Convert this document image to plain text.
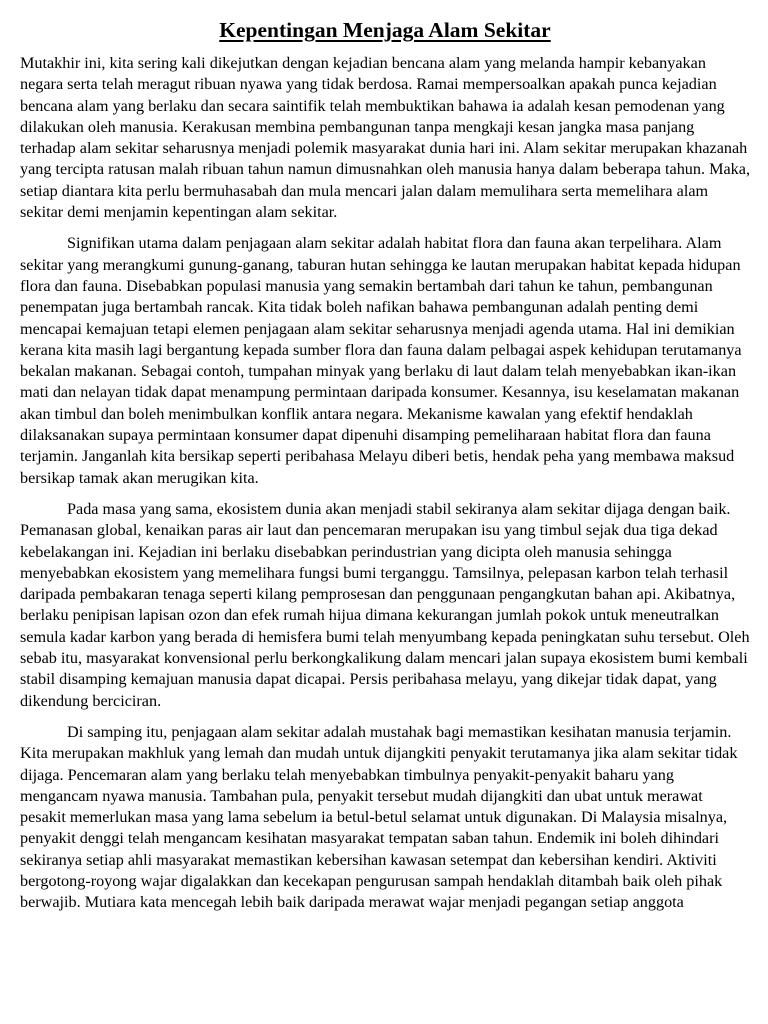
Kepentingan Menjaga Alam Sekitar

Mutakhir ini, kita sering kali dikejutkan dengan kejadian bencana alam yang melanda hampir kebanyakan negara serta telah meragut ribuan nyawa yang tidak berdosa. Ramai mempersoalkan apakah punca kejadian bencana alam yang berlaku dan secara saintifik telah membuktikan bahawa ia adalah kesan pemodenan yang dilakukan oleh manusia. Kerakusan membina pembangunan tanpa mengkaji kesan jangka masa panjang terhadap alam sekitar seharusnya menjadi polemik masyarakat dunia hari ini. Alam sekitar merupakan khazanah yang tercipta ratusan malah ribuan tahun namun dimusnahkan oleh manusia hanya dalam beberapa tahun. Maka, setiap diantara kita perlu bermuhasabah dan mula mencari jalan dalam memulihara serta memelihara alam sekitar demi menjamin kepentingan alam sekitar.

Signifikan utama dalam penjagaan alam sekitar adalah habitat flora dan fauna akan terpelihara. Alam sekitar yang merangkumi gunung-ganang, taburan hutan sehingga ke lautan merupakan habitat kepada hidupan flora dan fauna. Disebabkan populasi manusia yang semakin bertambah dari tahun ke tahun, pembangunan penempatan juga bertambah rancak. Kita tidak boleh nafikan bahawa pembangunan adalah penting demi mencapai kemajuan tetapi elemen penjagaan alam sekitar seharusnya menjadi agenda utama. Hal ini demikian kerana kita masih lagi bergantung kepada sumber flora dan fauna dalam pelbagai aspek kehidupan terutamanya bekalan makanan. Sebagai contoh, tumpahan minyak yang berlaku di laut dalam telah menyebabkan ikan-ikan mati dan nelayan tidak dapat menampung permintaan daripada konsumer. Kesannya, isu keselamatan makanan akan timbul dan boleh menimbulkan konflik antara negara. Mekanisme kawalan yang efektif hendaklah dilaksanakan supaya permintaan konsumer dapat dipenuhi disamping pemeliharaan habitat flora dan fauna terjamin. Janganlah kita bersikap seperti peribahasa Melayu diberi betis, hendak peha yang membawa maksud bersikap tamak akan merugikan kita.

Pada masa yang sama, ekosistem dunia akan menjadi stabil sekiranya alam sekitar dijaga dengan baik. Pemanasan global, kenaikan paras air laut dan pencemaran merupakan isu yang timbul sejak dua tiga dekad kebelakangan ini. Kejadian ini berlaku disebabkan perindustrian yang dicipta oleh manusia sehingga menyebabkan ekosistem yang memelihara fungsi bumi terganggu. Tamsilnya, pelepasan karbon telah terhasil daripada pembakaran tenaga seperti kilang pemprosesan dan penggunaan pengangkutan bahan api. Akibatnya, berlaku penipisan lapisan ozon dan efek rumah hijua dimana kekurangan jumlah pokok untuk meneutralkan semula kadar karbon yang berada di hemisfera bumi telah menyumbang kepada peningkatan suhu tersebut. Oleh sebab itu, masyarakat konvensional perlu berkongkalikung dalam mencari jalan supaya ekosistem bumi kembali stabil disamping kemajuan manusia dapat dicapai. Persis peribahasa melayu, yang dikejar tidak dapat, yang dikendung berciciran.

Di samping itu, penjagaan alam sekitar adalah mustahak bagi memastikan kesihatan manusia terjamin. Kita merupakan makhluk yang lemah dan mudah untuk dijangkiti penyakit terutamanya jika alam sekitar tidak dijaga. Pencemaran alam yang berlaku telah menyebabkan timbulnya penyakit-penyakit baharu yang mengancam nyawa manusia. Tambahan pula, penyakit tersebut mudah dijangkiti dan ubat untuk merawat pesakit memerlukan masa yang lama sebelum ia betul-betul selamat untuk digunakan. Di Malaysia misalnya, penyakit denggi telah mengancam kesihatan masyarakat tempatan saban tahun. Endemik ini boleh dihindari sekiranya setiap ahli masyarakat memastikan kebersihan kawasan setempat dan kebersihan kendiri. Aktiviti bergotong-royong wajar digalakkan dan kecekapan pengurusan sampah hendaklah ditambah baik oleh pihak berwajib. Mutiara kata mencegah lebih baik daripada merawat wajar menjadi pegangan setiap anggota
